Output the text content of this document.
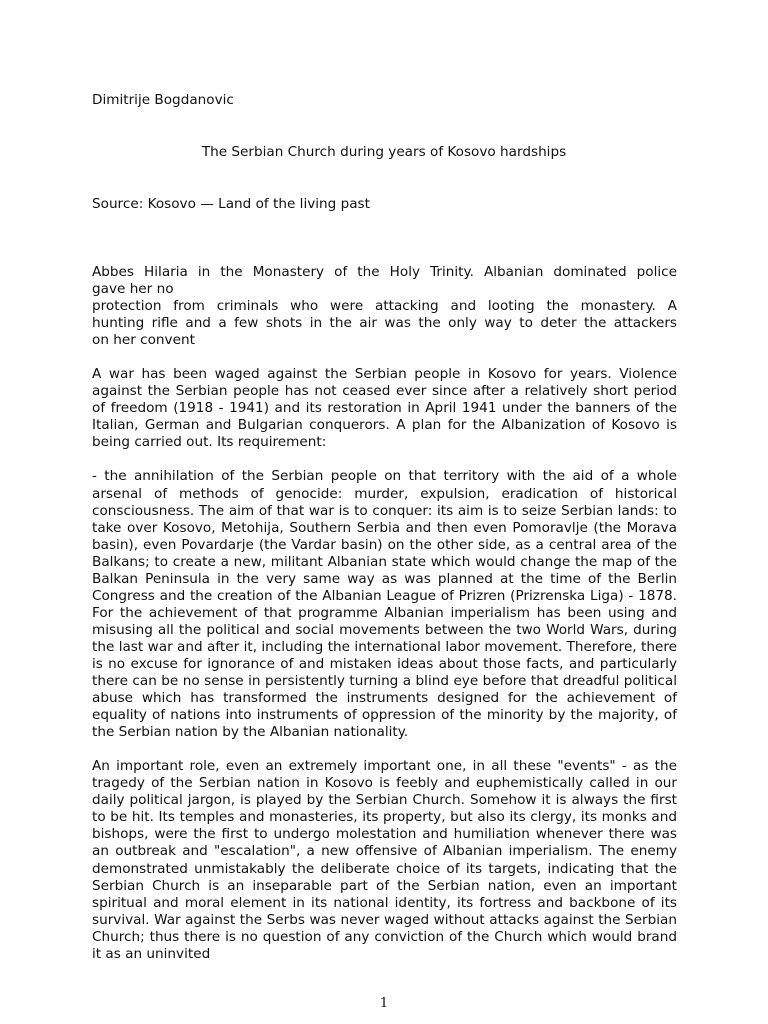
Dimitrije Bogdanovic
The Serbian Church during years of Kosovo hardships
Source: Kosovo — Land of the living past

Abbes Hilaria in the Monastery of the Holy Trinity. Albanian dominated police
gave her no
protection from criminals who were attacking and looting the monastery. A
hunting rifle and a few shots in the air was the only way to deter the attackers
on her convent

A war has been waged against the Serbian people in Kosovo for years. Violence against the Serbian people has not ceased ever since after a relatively short period of freedom (1918 - 1941) and its restoration in April 1941 under the banners of the Italian, German and Bulgarian conquerors. A plan for the Albanization of Kosovo is being carried out. Its requirement:

- the annihilation of the Serbian people on that territory with the aid of a whole arsenal of methods of genocide: murder, expulsion, eradication of historical consciousness. The aim of that war is to conquer: its aim is to seize Serbian lands: to take over Kosovo, Metohija, Southern Serbia and then even Pomoravlje (the Morava basin), even Povardarje (the Vardar basin) on the other side, as a central area of the Balkans; to create a new, militant Albanian state which would change the map of the Balkan Peninsula in the very same way as was planned at the time of the Berlin Congress and the creation of the Albanian League of Prizren (Prizrenska Liga) - 1878. For the achievement of that programme Albanian imperialism has been using and misusing all the political and social movements between the two World Wars, during the last war and after it, including the international labor movement. Therefore, there is no excuse for ignorance of and mistaken ideas about those facts, and particularly there can be no sense in persistently turning a blind eye before that dreadful political abuse which has transformed the instruments designed for the achievement of equality of nations into instruments of oppression of the minority by the majority, of the Serbian nation by the Albanian nationality.

An important role, even an extremely important one, in all these "events" - as the tragedy of the Serbian nation in Kosovo is feebly and euphemistically called in our daily political jargon, is played by the Serbian Church. Somehow it is always the first to be hit. Its temples and monasteries, its property, but also its clergy, its monks and bishops, were the first to undergo molestation and humiliation whenever there was an outbreak and "escalation", a new offensive of Albanian imperialism. The enemy demonstrated unmistakably the deliberate choice of its targets, indicating that the Serbian Church is an inseparable part of the Serbian nation, even an important spiritual and moral element in its national identity, its fortress and backbone of its survival. War against the Serbs was never waged without attacks against the Serbian Church; thus there is no question of any conviction of the Church which would brand it as an uninvited

1
